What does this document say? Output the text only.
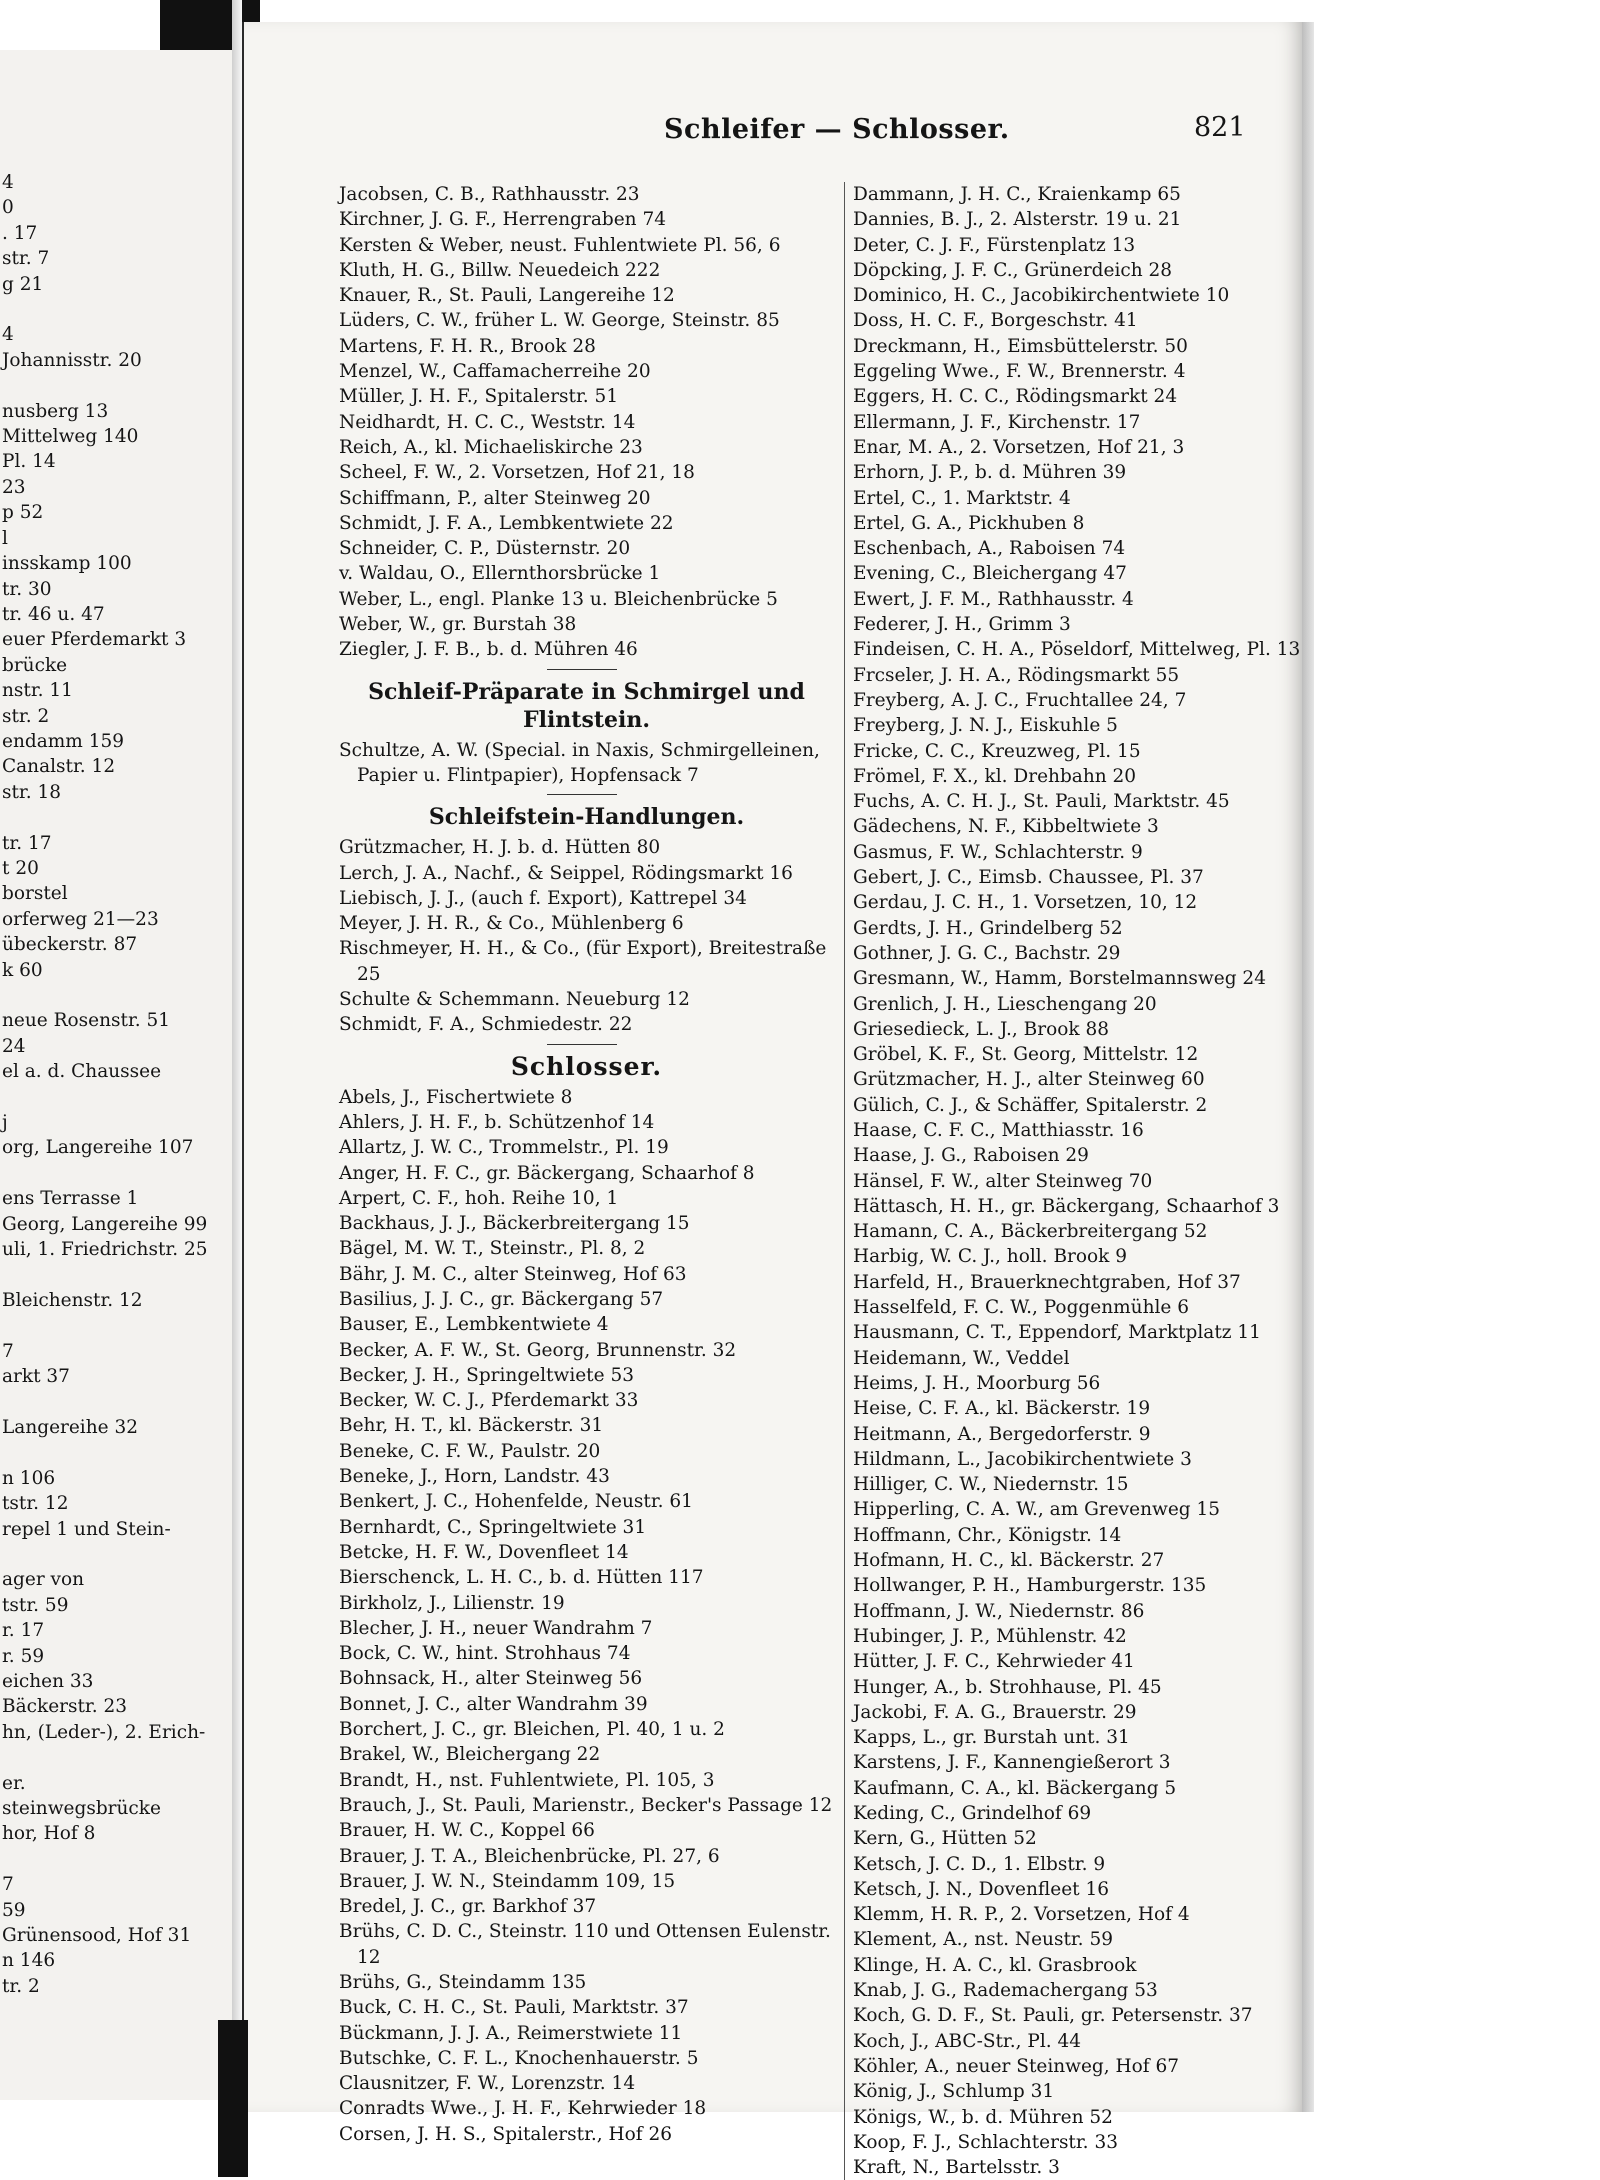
4
0
. 17
str. 7
g 21

4
Johannisstr. 20

nusberg 13
Mittelweg 140
Pl. 14
23
p 52
l
insskamp 100
tr. 30
tr. 46 u. 47
euer Pferdemarkt 3
brücke
nstr. 11
str. 2
endamm 159
Canalstr. 12
str. 18

tr. 17
t 20
borstel
orferweg 21—23
übeckerstr. 87
k 60

neue Rosenstr. 51
24
el a. d. Chaussee

j
org, Langereihe 107

ens Terrasse 1
Georg, Langereihe 99
uli, 1. Friedrichstr. 25

Bleichenstr. 12

7
arkt 37

Langereihe 32

n 106
tstr. 12
repel 1 und Stein-

ager von
tstr. 59
r. 17
r. 59
eichen 33
Bäckerstr. 23
hn, (Leder-), 2. Erich-

er.
steinwegsbrücke
hor, Hof 8

7
59
Grünensood, Hof 31
n 146
tr. 2
Schleifer — Schlosser.	821
Jacobsen, C. B., Rathhausstr. 23
Kirchner, J. G. F., Herrengraben 74
Kersten & Weber, neust. Fuhlentwiete Pl. 56, 6
Kluth, H. G., Billw. Neuedeich 222
Knauer, R., St. Pauli, Langereihe 12
Lüders, C. W., früher L. W. George, Steinstr. 85
Martens, F. H. R., Brook 28
Menzel, W., Caffamacherreihe 20
Müller, J. H. F., Spitalerstr. 51
Neidhardt, H. C. C., Weststr. 14
Reich, A., kl. Michaeliskirche 23
Scheel, F. W., 2. Vorsetzen, Hof 21, 18
Schiffmann, P., alter Steinweg 20
Schmidt, J. F. A., Lembkentwiete 22
Schneider, C. P., Düsternstr. 20
v. Waldau, O., Ellernthorsbrücke 1
Weber, L., engl. Planke 13 u. Bleichenbrücke 5
Weber, W., gr. Burstah 38
Ziegler, J. F. B., b. d. Mühren 46
Schleif-Präparate in Schmirgel und Flintstein.
Schultze, A. W. (Special. in Naxis, Schmirgelleinen, Papier u. Flintpapier), Hopfensack 7
Schleifstein-Handlungen.
Grützmacher, H. J. b. d. Hütten 80
Lerch, J. A., Nachf., & Seippel, Rödingsmarkt 16
Liebisch, J. J., (auch f. Export), Kattrepel 34
Meyer, J. H. R., & Co., Mühlenberg 6
Rischmeyer, H. H., & Co., (für Export), Breitestraße 25
Schulte & Schemmann. Neueburg 12
Schmidt, F. A., Schmiedestr. 22
Schlosser.
Abels, J., Fischertwiete 8
Ahlers, J. H. F., b. Schützenhof 14
Allartz, J. W. C., Trommelstr., Pl. 19
Anger, H. F. C., gr. Bäckergang, Schaarhof 8
Arpert, C. F., hoh. Reihe 10, 1
Backhaus, J. J., Bäckerbreitergang 15
Bägel, M. W. T., Steinstr., Pl. 8, 2
Bähr, J. M. C., alter Steinweg, Hof 63
Basilius, J. J. C., gr. Bäckergang 57
Bauser, E., Lembkentwiete 4
Becker, A. F. W., St. Georg, Brunnenstr. 32
Becker, J. H., Springeltwiete 53
Becker, W. C. J., Pferdemarkt 33
Behr, H. T., kl. Bäckerstr. 31
Beneke, C. F. W., Paulstr. 20
Beneke, J., Horn, Landstr. 43
Benkert, J. C., Hohenfelde, Neustr. 61
Bernhardt, C., Springeltwiete 31
Betcke, H. F. W., Dovenfleet 14
Bierschenck, L. H. C., b. d. Hütten 117
Birkholz, J., Lilienstr. 19
Blecher, J. H., neuer Wandrahm 7
Bock, C. W., hint. Strohhaus 74
Bohnsack, H., alter Steinweg 56
Bonnet, J. C., alter Wandrahm 39
Borchert, J. C., gr. Bleichen, Pl. 40, 1 u. 2
Brakel, W., Bleichergang 22
Brandt, H., nst. Fuhlentwiete, Pl. 105, 3
Brauch, J., St. Pauli, Marienstr., Becker's Passage 12
Brauer, H. W. C., Koppel 66
Brauer, J. T. A., Bleichenbrücke, Pl. 27, 6
Brauer, J. W. N., Steindamm 109, 15
Bredel, J. C., gr. Barkhof 37
Brühs, C. D. C., Steinstr. 110 und Ottensen Eulenstr. 12
Brühs, G., Steindamm 135
Buck, C. H. C., St. Pauli, Marktstr. 37
Bückmann, J. J. A., Reimerstwiete 11
Butschke, C. F. L., Knochenhauerstr. 5
Clausnitzer, F. W., Lorenzstr. 14
Conradts Wwe., J. H. F., Kehrwieder 18
Corsen, J. H. S., Spitalerstr., Hof 26
Dammann, J. H. C., Kraienkamp 65
Dannies, B. J., 2. Alsterstr. 19 u. 21
Deter, C. J. F., Fürstenplatz 13
Döpcking, J. F. C., Grünerdeich 28
Dominico, H. C., Jacobikirchentwiete 10
Doss, H. C. F., Borgeschstr. 41
Dreckmann, H., Eimsbüttelerstr. 50
Eggeling Wwe., F. W., Brennerstr. 4
Eggers, H. C. C., Rödingsmarkt 24
Ellermann, J. F., Kirchenstr. 17
Enar, M. A., 2. Vorsetzen, Hof 21, 3
Erhorn, J. P., b. d. Mühren 39
Ertel, C., 1. Marktstr. 4
Ertel, G. A., Pickhuben 8
Eschenbach, A., Raboisen 74
Evening, C., Bleichergang 47
Ewert, J. F. M., Rathhausstr. 4
Federer, J. H., Grimm 3
Findeisen, C. H. A., Pöseldorf, Mittelweg, Pl. 13
Frcseler, J. H. A., Rödingsmarkt 55
Freyberg, A. J. C., Fruchtallee 24, 7
Freyberg, J. N. J., Eiskuhle 5
Fricke, C. C., Kreuzweg, Pl. 15
Frömel, F. X., kl. Drehbahn 20
Fuchs, A. C. H. J., St. Pauli, Marktstr. 45
Gädechens, N. F., Kibbeltwiete 3
Gasmus, F. W., Schlachterstr. 9
Gebert, J. C., Eimsb. Chaussee, Pl. 37
Gerdau, J. C. H., 1. Vorsetzen, 10, 12
Gerdts, J. H., Grindelberg 52
Gothner, J. G. C., Bachstr. 29
Gresmann, W., Hamm, Borstelmannsweg 24
Grenlich, J. H., Lieschengang 20
Griesedieck, L. J., Brook 88
Gröbel, K. F., St. Georg, Mittelstr. 12
Grützmacher, H. J., alter Steinweg 60
Gülich, C. J., & Schäffer, Spitalerstr. 2
Haase, C. F. C., Matthiasstr. 16
Haase, J. G., Raboisen 29
Hänsel, F. W., alter Steinweg 70
Hättasch, H. H., gr. Bäckergang, Schaarhof 3
Hamann, C. A., Bäckerbreitergang 52
Harbig, W. C. J., holl. Brook 9
Harfeld, H., Brauerknechtgraben, Hof 37
Hasselfeld, F. C. W., Poggenmühle 6
Hausmann, C. T., Eppendorf, Marktplatz 11
Heidemann, W., Veddel
Heims, J. H., Moorburg 56
Heise, C. F. A., kl. Bäckerstr. 19
Heitmann, A., Bergedorferstr. 9
Hildmann, L., Jacobikirchentwiete 3
Hilliger, C. W., Niedernstr. 15
Hipperling, C. A. W., am Grevenweg 15
Hoffmann, Chr., Königstr. 14
Hofmann, H. C., kl. Bäckerstr. 27
Hollwanger, P. H., Hamburgerstr. 135
Hoffmann, J. W., Niedernstr. 86
Hubinger, J. P., Mühlenstr. 42
Hütter, J. F. C., Kehrwieder 41
Hunger, A., b. Strohhause, Pl. 45
Jackobi, F. A. G., Brauerstr. 29
Kapps, L., gr. Burstah unt. 31
Karstens, J. F., Kannengießerort 3
Kaufmann, C. A., kl. Bäckergang 5
Keding, C., Grindelhof 69
Kern, G., Hütten 52
Ketsch, J. C. D., 1. Elbstr. 9
Ketsch, J. N., Dovenfleet 16
Klemm, H. R. P., 2. Vorsetzen, Hof 4
Klement, A., nst. Neustr. 59
Klinge, H. A. C., kl. Grasbrook
Knab, J. G., Rademachergang 53
Koch, G. D. F., St. Pauli, gr. Petersenstr. 37
Koch, J., ABC-Str., Pl. 44
Köhler, A., neuer Steinweg, Hof 67
König, J., Schlump 31
Königs, W., b. d. Mühren 52
Koop, F. J., Schlachterstr. 33
Kraft, N., Bartelsstr. 3
